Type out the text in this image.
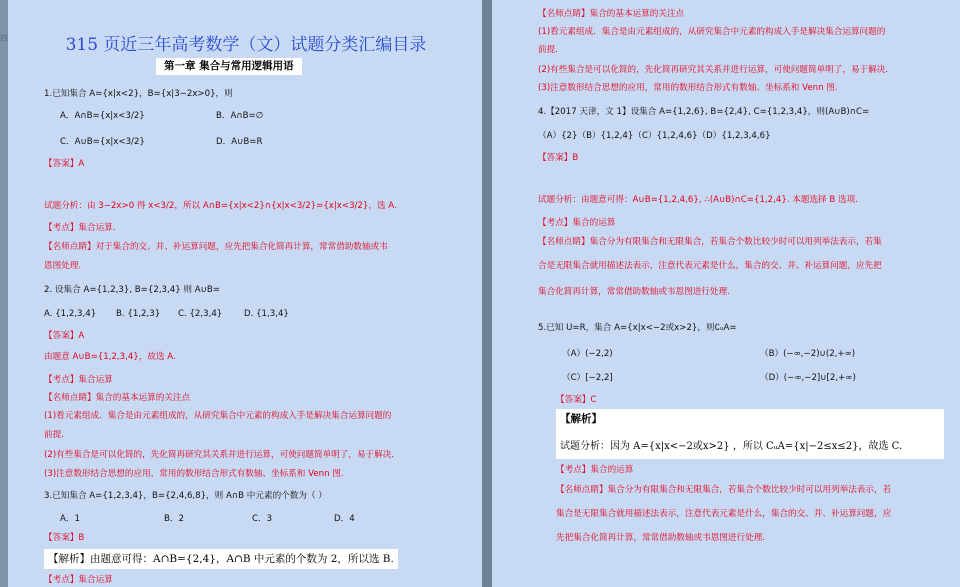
⊟	315 页近三年高考数学（文）试题分类汇编目录
第一章 集合与常用逻辑用语
1.已知集合 A={x|x<2}，B={x|3−2x>0}，则
A．A∩B={x|x<3/2}	B．A∩B=∅
C．A∪B={x|x<3/2}	D．A∪B=R
【答案】A
试题分析：由 3−2x>0 得 x<3/2，所以 A∩B={x|x<2}∩{x|x<3/2}={x|x<3/2}，选 A.
【考点】集合运算.
【名师点睛】对于集合的交、并、补运算问题，应先把集合化简再计算，常常借助数轴或韦
恩图处理.
2. 设集合 A={1,2,3}, B={2,3,4} 则 A∪B=
A. {1,2,3,4} B. {1,2,3} C. {2,3,4}	D. {1,3,4}
【答案】A
由题意 A∪B={1,2,3,4}，故选 A.
【考点】集合运算
【名师点睛】集合的基本运算的关注点
(1)看元素组成．集合是由元素组成的，从研究集合中元素的构成入手是解决集合运算问题的
前提．
(2)有些集合是可以化简的，先化简再研究其关系并进行运算，可使问题简单明了，易于解决．
(3)注意数形结合思想的应用，常用的数形结合形式有数轴、坐标系和 Venn 图.
3.已知集合 A={1,2,3,4}，B={2,4,6,8}，则 A∩B 中元素的个数为（ ）
A．1	B．2	C．3	D．4
【答案】B
【解析】由题意可得：A∩B={2,4}，A∩B 中元素的个数为 2，所以选 B.
【考点】集合运算
【名师点睛】集合的基本运算的关注点
(1)看元素组成．集合是由元素组成的，从研究集合中元素的构成入手是解决集合运算问题的
前提．
(2)有些集合是可以化简的，先化简再研究其关系并进行运算，可使问题简单明了，易于解决．
(3)注意数形结合思想的应用，常用的数形结合形式有数轴、坐标系和 Venn 图.
4.【2017 天津，文 1】设集合 A={1,2,6}, B={2,4}, C={1,2,3,4}，则(A∪B)∩C=
（A）{2}（B）{1,2,4}（C）{1,2,4,6}（D）{1,2,3,4,6}
【答案】B
试题分析：由题意可得：A∪B={1,2,4,6}, ∴(A∪B)∩C={1,2,4}. 本题选择 B 选项.
【考点】集合的运算
【名师点睛】集合分为有限集合和无限集合，若集合个数比较少时可以用列举法表示，若集
合是无限集合就用描述法表示，注意代表元素是什么，集合的交、并、补运算问题，应先把
集合化简再计算，常常借助数轴或韦恩图进行处理.
5.已知 U=R，集合 A={x|x<−2或x>2}，则∁ᵤA=
（A）(−2,2)	（B）(−∞,−2)∪(2,+∞)
（C）[−2,2]	（D）(−∞,−2]∪[2,+∞)
【答案】C
【解析】
试题分析：因为 A={x|x<−2或x>2} ，所以 CᵤA={x|−2≤x≤2}，故选 C.
【考点】集合的运算
【名师点睛】集合分为有限集合和无限集合，若集合个数比较少时可以用列举法表示，若
集合是无限集合就用描述法表示，注意代表元素是什么，集合的交、并、补运算问题，应
先把集合化简再计算，常常借助数轴或韦恩图进行处理.
